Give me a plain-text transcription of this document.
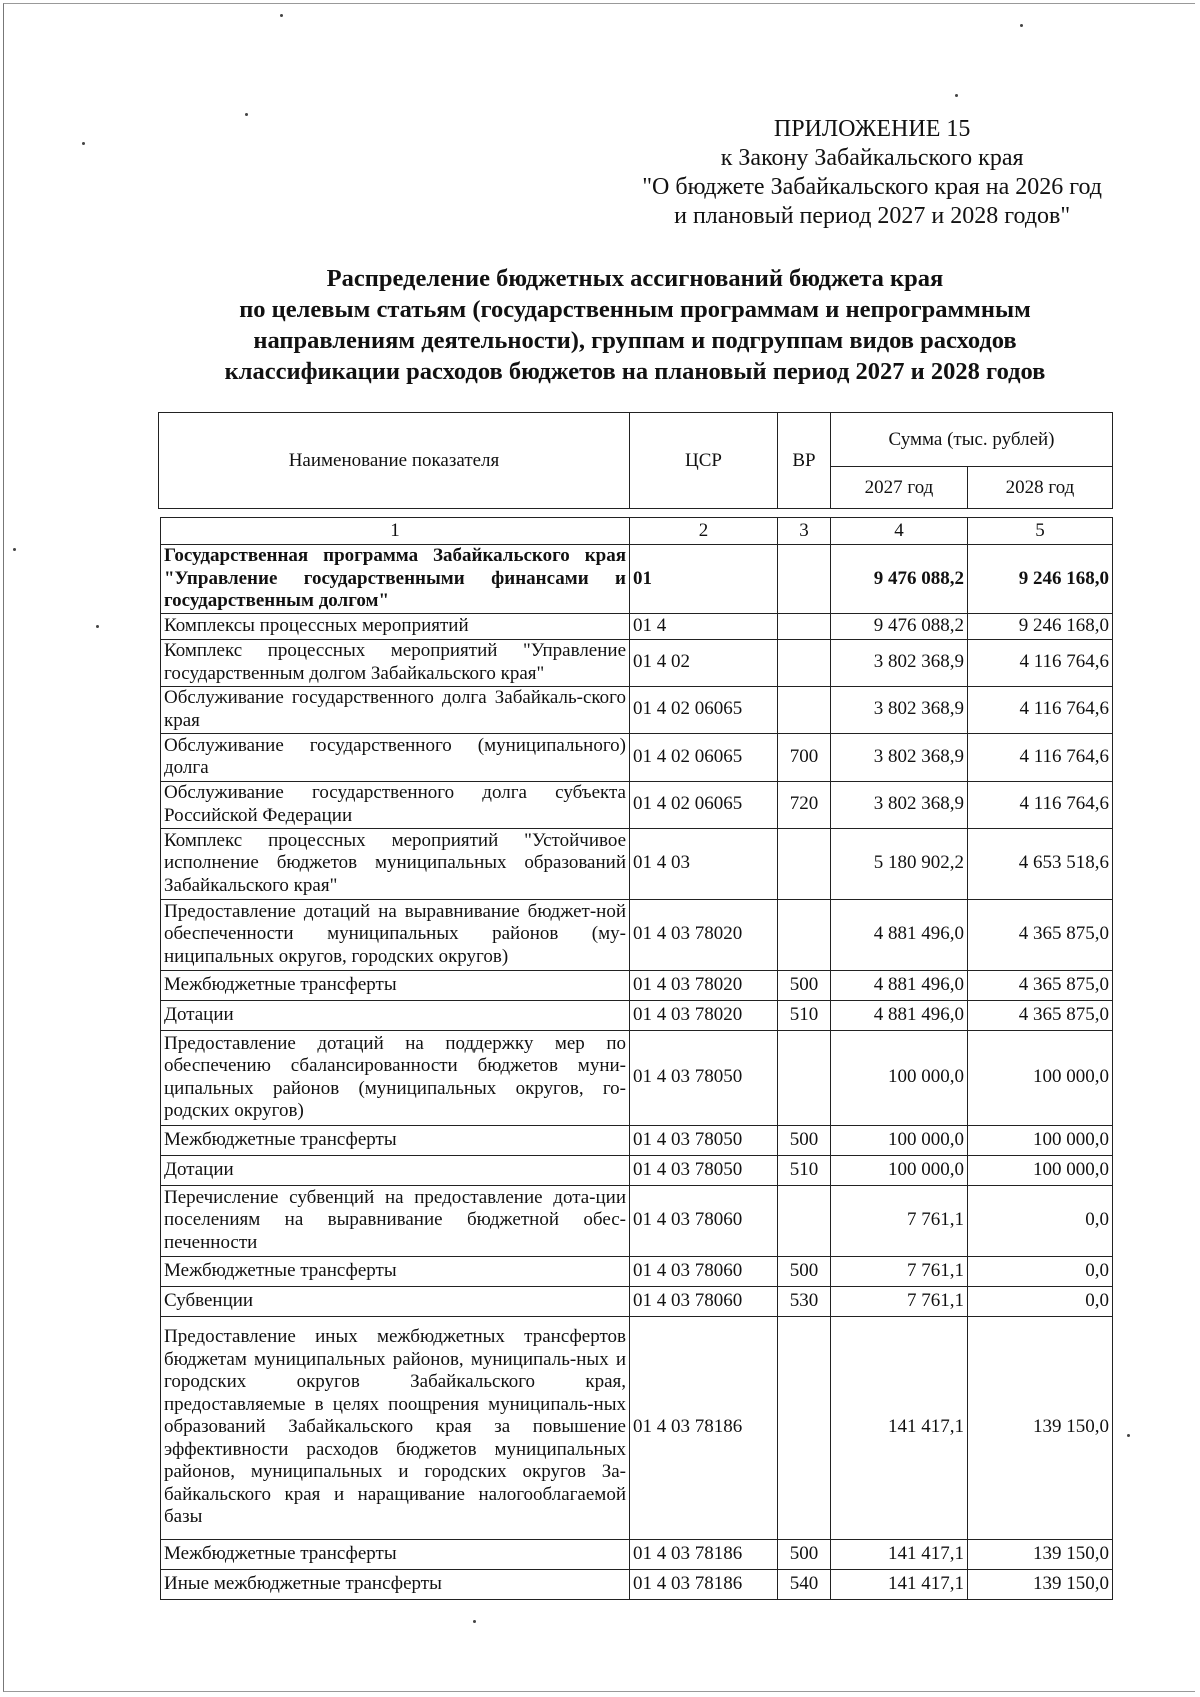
ПРИЛОЖЕНИЕ 15
к Закону Забайкальского края
"О бюджете Забайкальского края на 2026 год
и плановый период 2027 и 2028 годов"
Распределение бюджетных ассигнований бюджета края
по целевым статьям (государственным программам и непрограммным
направлениям деятельности), группам и подгруппам видов расходов
классификации расходов бюджетов на плановый период 2027 и 2028 годов
Наименование показателя	ЦСР	ВР	Сумма (тыс. рублей)	
			2027 год	2028 год
1	2	3	4	5
Государственная программа Забайкальского края "Управление государственными финансами и государственным долгом"	01		9 476 088,2	9 246 168,0
Комплексы процессных мероприятий	01 4		9 476 088,2	9 246 168,0
Комплекс процессных мероприятий "Управление государственным долгом Забайкальского края"	01 4 02		3 802 368,9	4 116 764,6
Обслуживание государственного долга Забайкаль-ского края	01 4 02 06065		3 802 368,9	4 116 764,6
Обслуживание государственного (муниципального) долга	01 4 02 06065	700	3 802 368,9	4 116 764,6
Обслуживание государственного долга субъекта Российской Федерации	01 4 02 06065	720	3 802 368,9	4 116 764,6
Комплекс процессных мероприятий "Устойчивое исполнение бюджетов муниципальных образований Забайкальского края"	01 4 03		5 180 902,2	4 653 518,6
Предоставление дотаций на выравнивание бюджет-ной обеспеченности муниципальных районов (му-ниципальных округов, городских округов)	01 4 03 78020		4 881 496,0	4 365 875,0
Межбюджетные трансферты	01 4 03 78020	500	4 881 496,0	4 365 875,0
Дотации	01 4 03 78020	510	4 881 496,0	4 365 875,0
Предоставление дотаций на поддержку мер по обеспечению сбалансированности бюджетов муни-ципальных районов (муниципальных округов, го-родских округов)	01 4 03 78050		100 000,0	100 000,0
Межбюджетные трансферты	01 4 03 78050	500	100 000,0	100 000,0
Дотации	01 4 03 78050	510	100 000,0	100 000,0
Перечисление субвенций на предоставление дота-ции поселениям на выравнивание бюджетной обес-печенности	01 4 03 78060		7 761,1	0,0
Межбюджетные трансферты	01 4 03 78060	500	7 761,1	0,0
Субвенции	01 4 03 78060	530	7 761,1	0,0
Предоставление иных межбюджетных трансфертов бюджетам муниципальных районов, муниципаль-ных и городских округов Забайкальского края, предоставляемые в целях поощрения муниципаль-ных образований Забайкальского края за повышение эффективности расходов бюджетов муниципальных районов, муниципальных и городских округов За-байкальского края и наращивание налогооблагаемой базы	01 4 03 78186		141 417,1	139 150,0
Межбюджетные трансферты	01 4 03 78186	500	141 417,1	139 150,0
Иные межбюджетные трансферты	01 4 03 78186	540	141 417,1	139 150,0
